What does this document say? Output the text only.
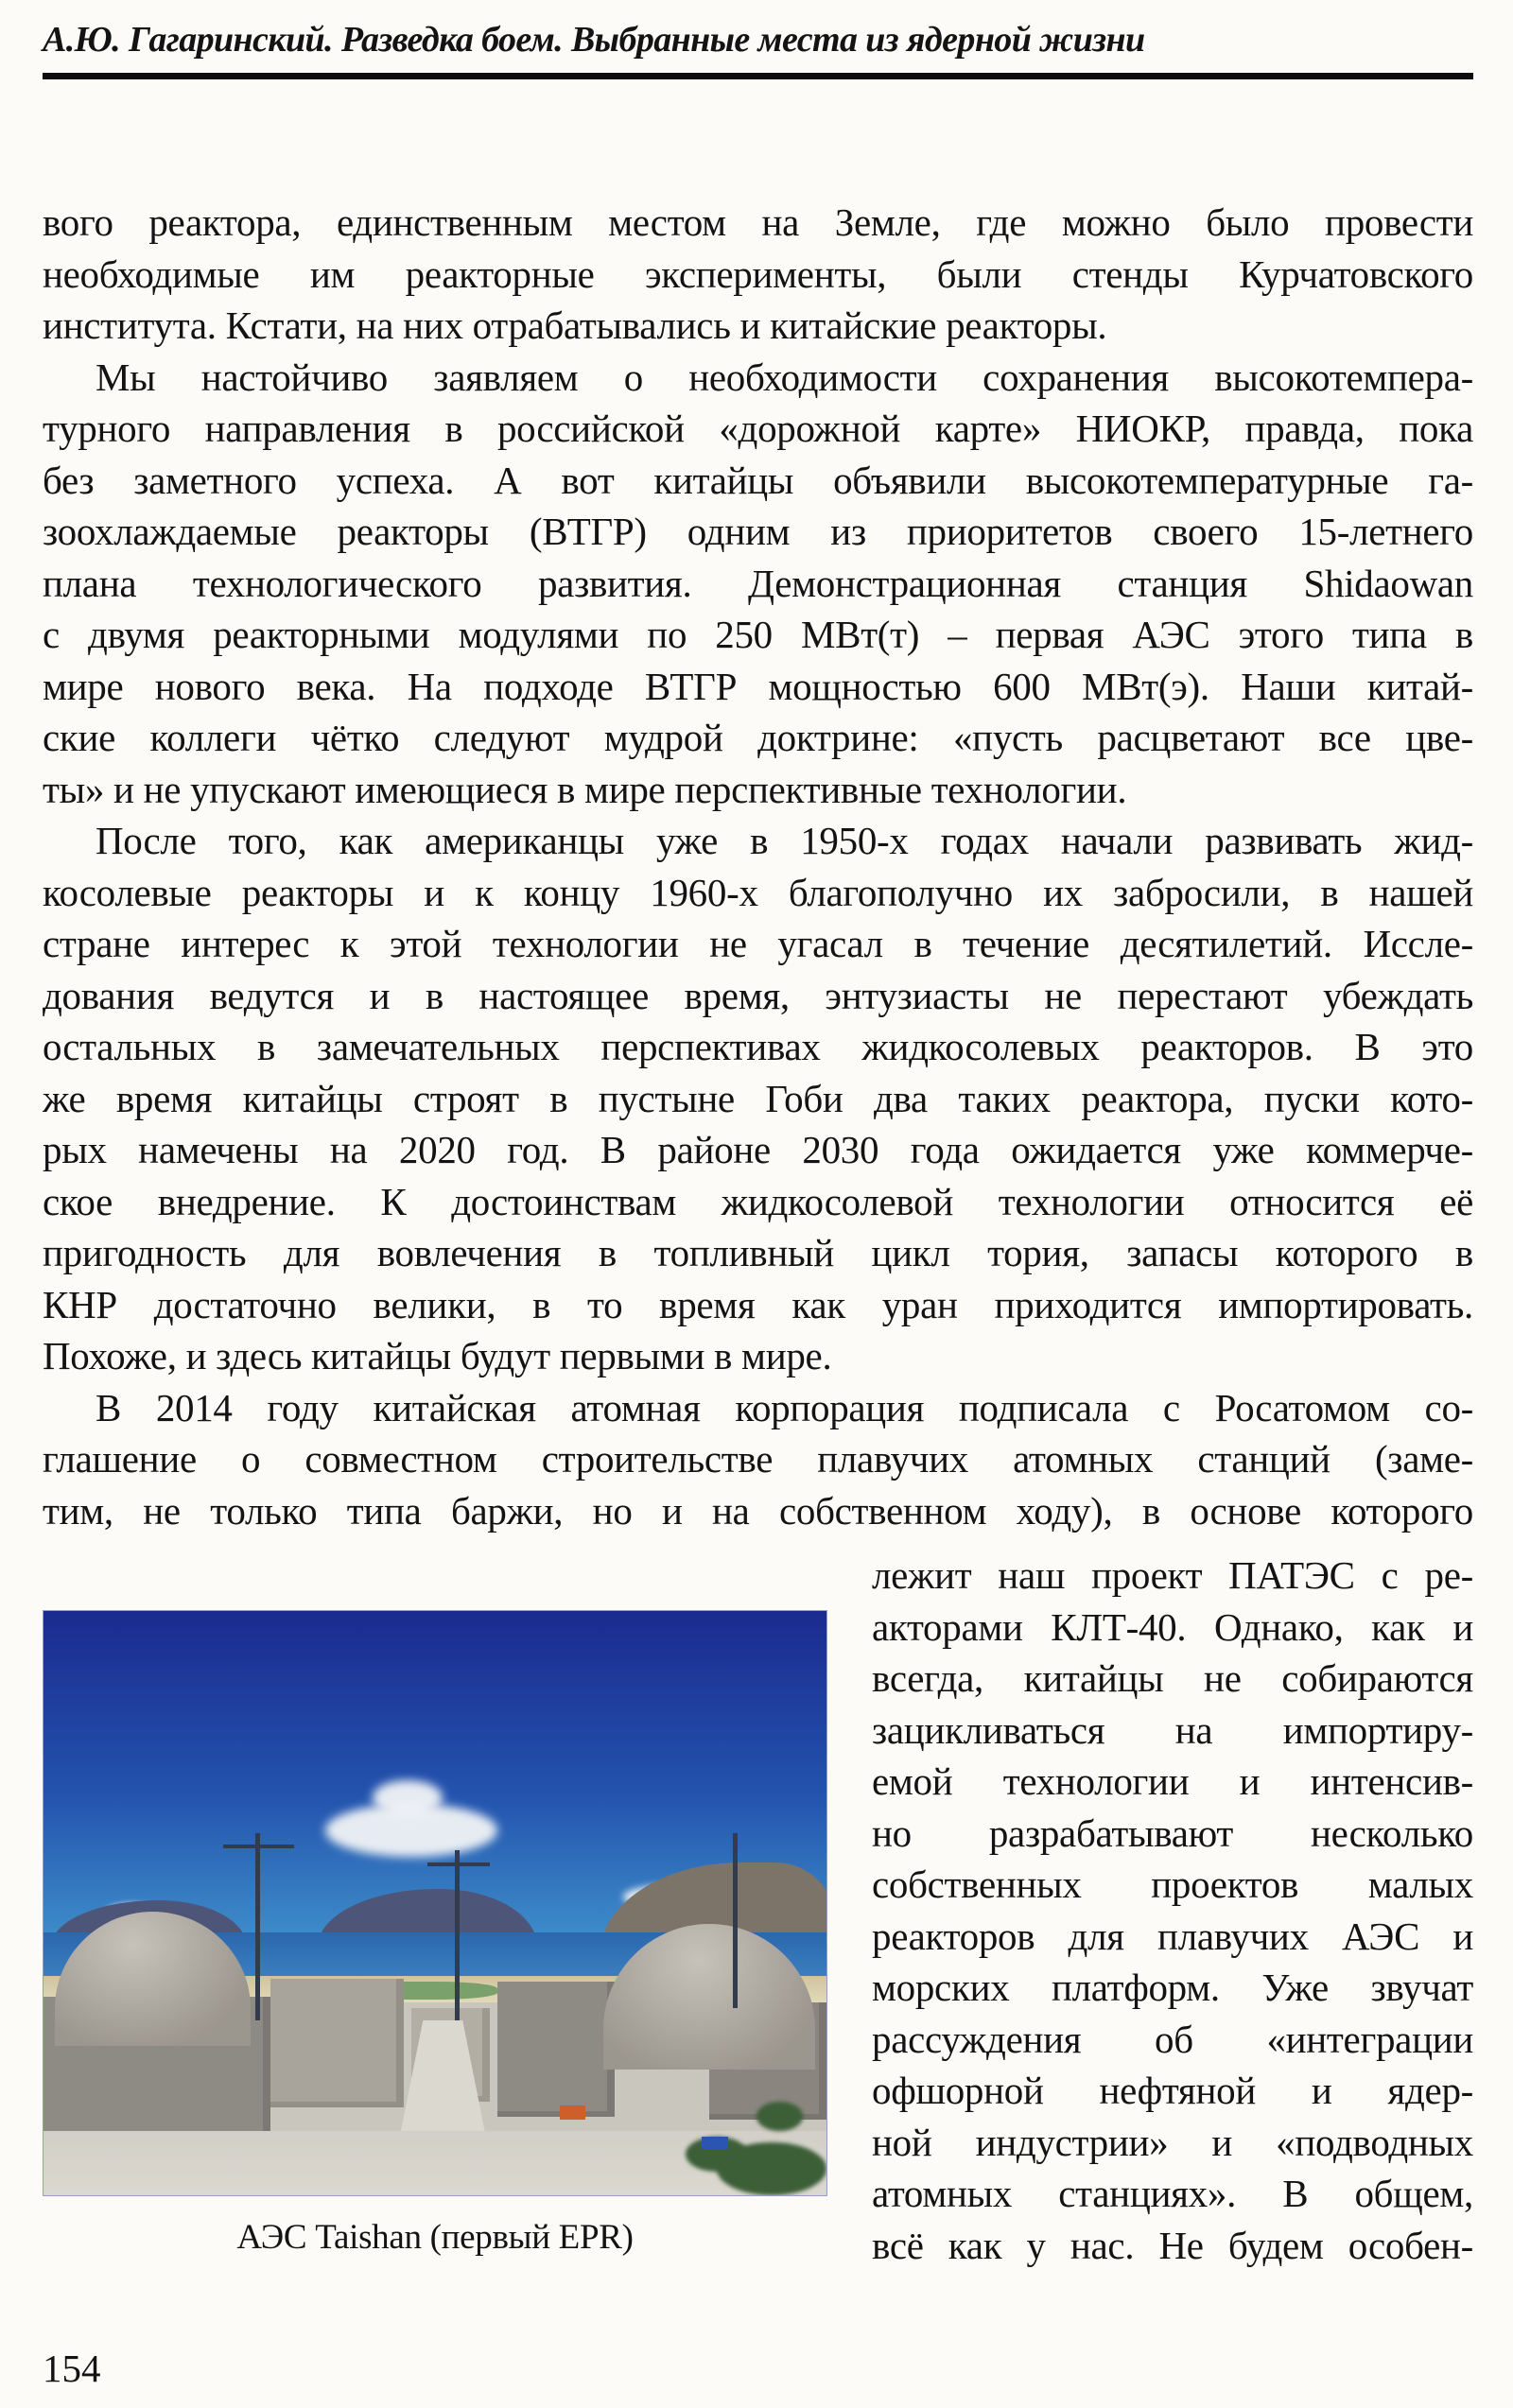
А.Ю. Гагаринский. Разведка боем. Выбранные места из ядерной жизни
вого реактора, единственным местом на Земле, где можно было провести
необходимые им реакторные эксперименты, были стенды Курчатовского
института. Кстати, на них отрабатывались и китайские реакторы.
Мы настойчиво заявляем о необходимости сохранения высокотемпера-
турного направления в российской «дорожной карте» НИОКР, правда, пока
без заметного успеха. А вот китайцы объявили высокотемпературные га-
зоохлаждаемые реакторы (ВТГР) одним из приоритетов своего 15-летнего
плана технологического развития. Демонстрационная станция Shidaowan
с двумя реакторными модулями по 250 МВт(т) – первая АЭС этого типа в
мире нового века. На подходе ВТГР мощностью 600 МВт(э). Наши китай-
ские коллеги чётко следуют мудрой доктрине: «пусть расцветают все цве-
ты» и не упускают имеющиеся в мире перспективные технологии.
После того, как американцы уже в 1950-х годах начали развивать жид-
косолевые реакторы и к концу 1960-х благополучно их забросили, в нашей
стране интерес к этой технологии не угасал в течение десятилетий. Иссле-
дования ведутся и в настоящее время, энтузиасты не перестают убеждать
остальных в замечательных перспективах жидкосолевых реакторов. В это
же время китайцы строят в пустыне Гоби два таких реактора, пуски кото-
рых намечены на 2020 год. В районе 2030 года ожидается уже коммерче-
ское внедрение. К достоинствам жидкосолевой технологии относится её
пригодность для вовлечения в топливный цикл тория, запасы которого в
КНР достаточно велики, в то время как уран приходится импортировать.
Похоже, и здесь китайцы будут первыми в мире.
В 2014 году китайская атомная корпорация подписала с Росатомом со-
глашение о совместном строительстве плавучих атомных станций (заме-
тим, не только типа баржи, но и на собственном ходу), в основе которого
АЭС Taishan (первый EPR)
лежит наш проект ПАТЭС с ре-
акторами КЛТ-40. Однако, как и
всегда, китайцы не собираются
зацикливаться на импортиру-
емой технологии и интенсив-
но разрабатывают несколько
собственных проектов малых
реакторов для плавучих АЭС и
морских платформ. Уже звучат
рассуждения об «интеграции
офшорной нефтяной и ядер-
ной индустрии» и «подводных
атомных станциях». В общем,
всё как у нас. Не будем особен-
154
